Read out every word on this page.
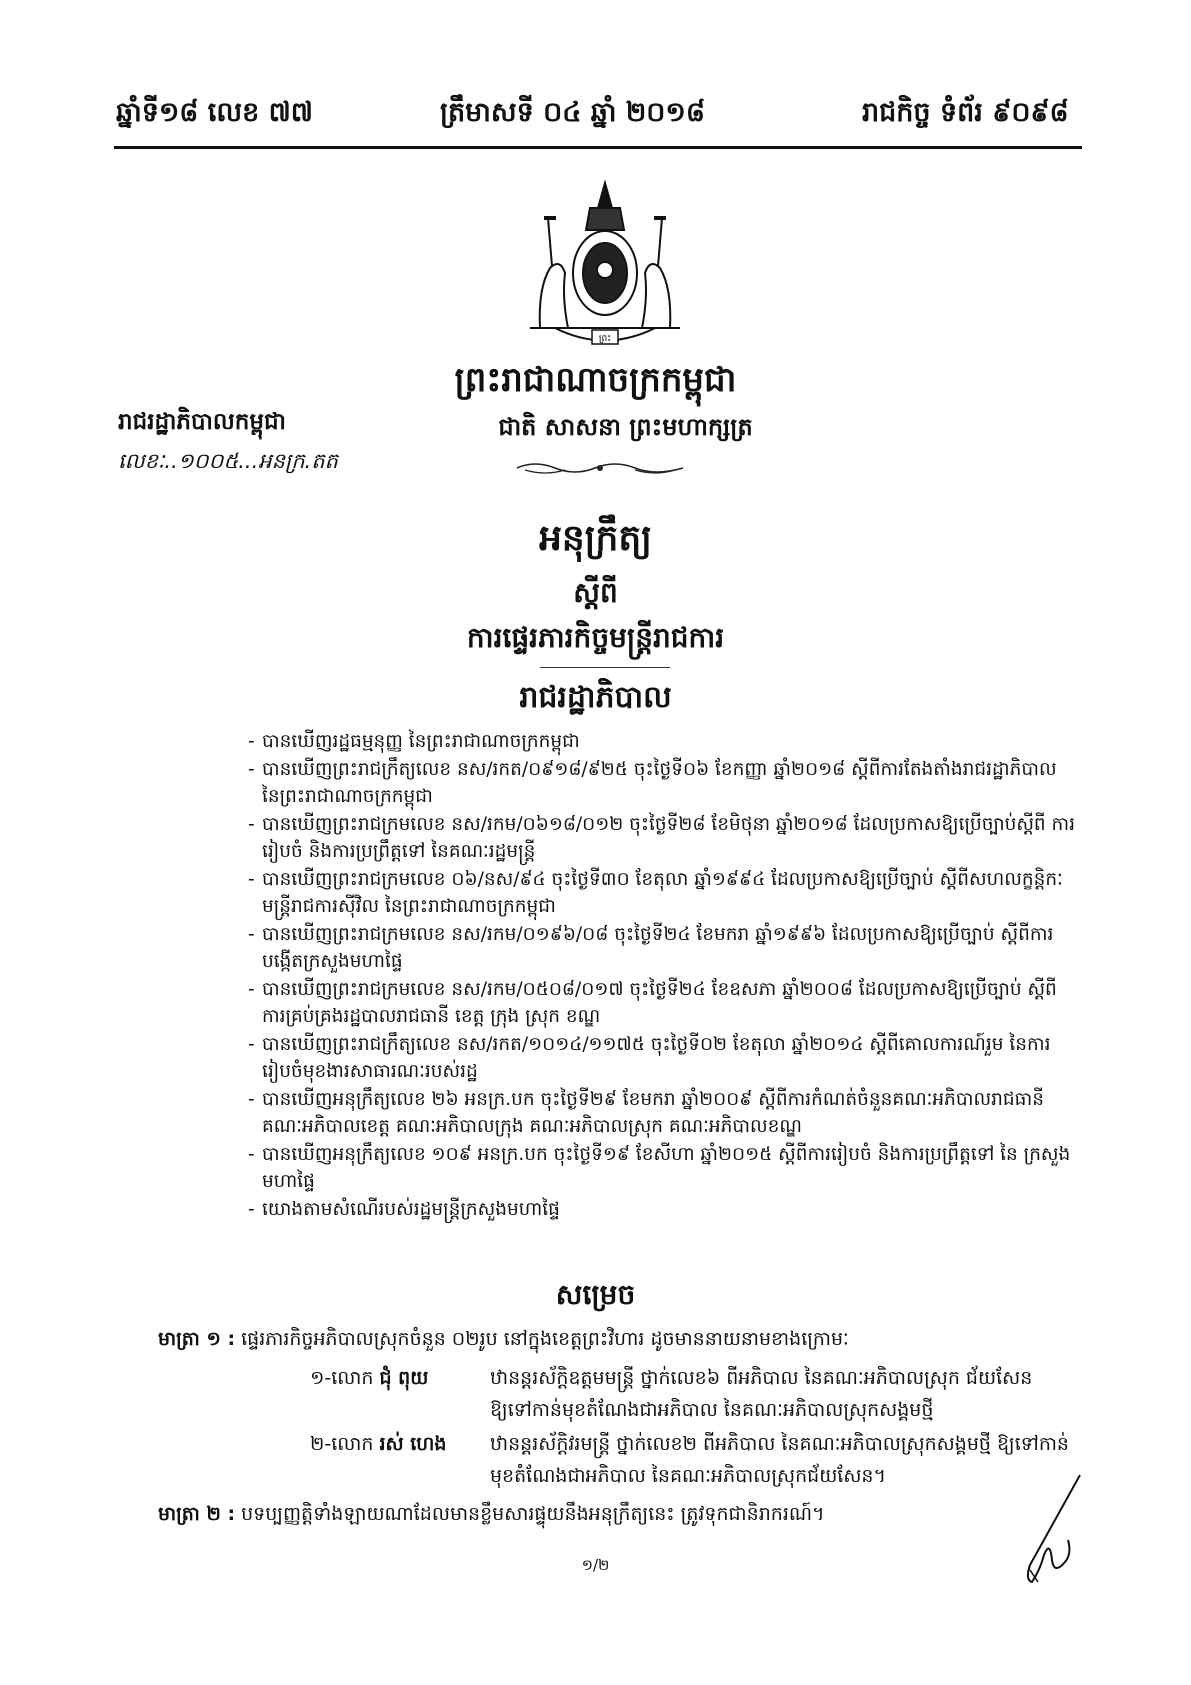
ឆ្នាំទី១៨ លេខ ៧៧	ត្រឹមាសទី ០៤ ឆ្នាំ ២០១៨	រាជកិច្ច ទំព័រ ៩០៩៨
ព្រះ
ព្រះរាជាណាចក្រកម្ពុជា
ជាតិ សាសនា ព្រះមហាក្សត្រ
រាជរដ្ឋាភិបាលកម្ពុជា
លេខៈ..១០០៥...អនក្រ.តត
អនុក្រឹត្យ
ស្តីពី
ការផ្ទេរភារកិច្ចមន្ត្រីរាជការ
រាជរដ្ឋាភិបាល
- បានឃើញរដ្ឋធម្មនុញ្ញ នៃព្រះរាជាណាចក្រកម្ពុជា
- បានឃើញព្រះរាជក្រឹត្យលេខ នស/រកត/០៩១៨/៩២៥ ចុះថ្ងៃទី០៦ ខែកញ្ញា ឆ្នាំ២០១៨ ស្តីពីការតែងតាំងរាជរដ្ឋាភិបាល នៃព្រះរាជាណាចក្រកម្ពុជា
- បានឃើញព្រះរាជក្រមលេខ នស/រកម/០៦១៨/០១២ ចុះថ្ងៃទី២៨ ខែមិថុនា ឆ្នាំ២០១៨ ដែលប្រកាសឱ្យប្រើច្បាប់ស្តីពី ការរៀបចំ និងការប្រព្រឹត្តទៅ នៃគណៈរដ្ឋមន្ត្រី
- បានឃើញព្រះរាជក្រមលេខ ០៦/នស/៩៤ ចុះថ្ងៃទី៣០ ខែតុលា ឆ្នាំ១៩៩៤ ដែលប្រកាសឱ្យប្រើច្បាប់ ស្តីពីសហលក្ខន្តិកៈ មន្ត្រីរាជការស៊ីវិល នៃព្រះរាជាណាចក្រកម្ពុជា
- បានឃើញព្រះរាជក្រមលេខ នស/រកម/០១៩៦/០៨ ចុះថ្ងៃទី២៤ ខែមករា ឆ្នាំ១៩៩៦ ដែលប្រកាសឱ្យប្រើច្បាប់ ស្តីពីការបង្កើតក្រសួងមហាផ្ទៃ
- បានឃើញព្រះរាជក្រមលេខ នស/រកម/០៥០៨/០១៧ ចុះថ្ងៃទី២៤ ខែឧសភា ឆ្នាំ២០០៨ ដែលប្រកាសឱ្យប្រើច្បាប់ ស្តីពីការគ្រប់គ្រងរដ្ឋបាលរាជធានី ខេត្ត ក្រុង ស្រុក ខណ្ឌ
- បានឃើញព្រះរាជក្រឹត្យលេខ នស/រកត/១០១៤/១១៧៥ ចុះថ្ងៃទី០២ ខែតុលា ឆ្នាំ២០១៤ ស្តីពីគោលការណ៍រួម នៃការ រៀបចំមុខងារសាធារណៈរបស់រដ្ឋ
- បានឃើញអនុក្រឹត្យលេខ ២៦ អនក្រ.បក ចុះថ្ងៃទី២៩ ខែមករា ឆ្នាំ២០០៩ ស្តីពីការកំណត់ចំនួនគណៈអភិបាលរាជធានី គណៈអភិបាលខេត្ត គណៈអភិបាលក្រុង គណៈអភិបាលស្រុក គណៈអភិបាលខណ្ឌ
- បានឃើញអនុក្រឹត្យលេខ ១០៩ អនក្រ.បក ចុះថ្ងៃទី១៩ ខែសីហា ឆ្នាំ២០១៥ ស្តីពីការរៀបចំ និងការប្រព្រឹត្តទៅ នៃ ក្រសួងមហាផ្ទៃ
- យោងតាមសំណើរបស់រដ្ឋមន្ត្រីក្រសួងមហាផ្ទៃ
សម្រេច
មាត្រា ១ : ផ្ទេរភារកិច្ចអភិបាលស្រុកចំនួន ០២រូប នៅក្នុងខេត្តព្រះវិហារ ដូចមាននាយនាមខាងក្រោមៈ
១-លោក ជុំ ពុយ	ឋានន្តរស័ក្តិឧត្តមមន្ត្រី ថ្នាក់លេខ៦ ពីអភិបាល នៃគណៈអភិបាលស្រុក ជ័យសែន ឱ្យទៅកាន់មុខតំណែងជាអភិបាល នៃគណៈអភិបាលស្រុកសង្គមថ្មី
២-លោក រស់ ហេង ឋានន្តរស័ក្តិវរមន្ត្រី ថ្នាក់លេខ២ ពីអភិបាល នៃគណៈអភិបាលស្រុកសង្គមថ្មី ឱ្យទៅកាន់មុខតំណែងជាអភិបាល នៃគណៈអភិបាលស្រុកជ័យសែន។
មាត្រា ២ : បទប្បញ្ញត្តិទាំងឡាយណាដែលមានខ្លឹមសារផ្ទុយនឹងអនុក្រឹត្យនេះ ត្រូវទុកជានិរាករណ៍។
១/២
